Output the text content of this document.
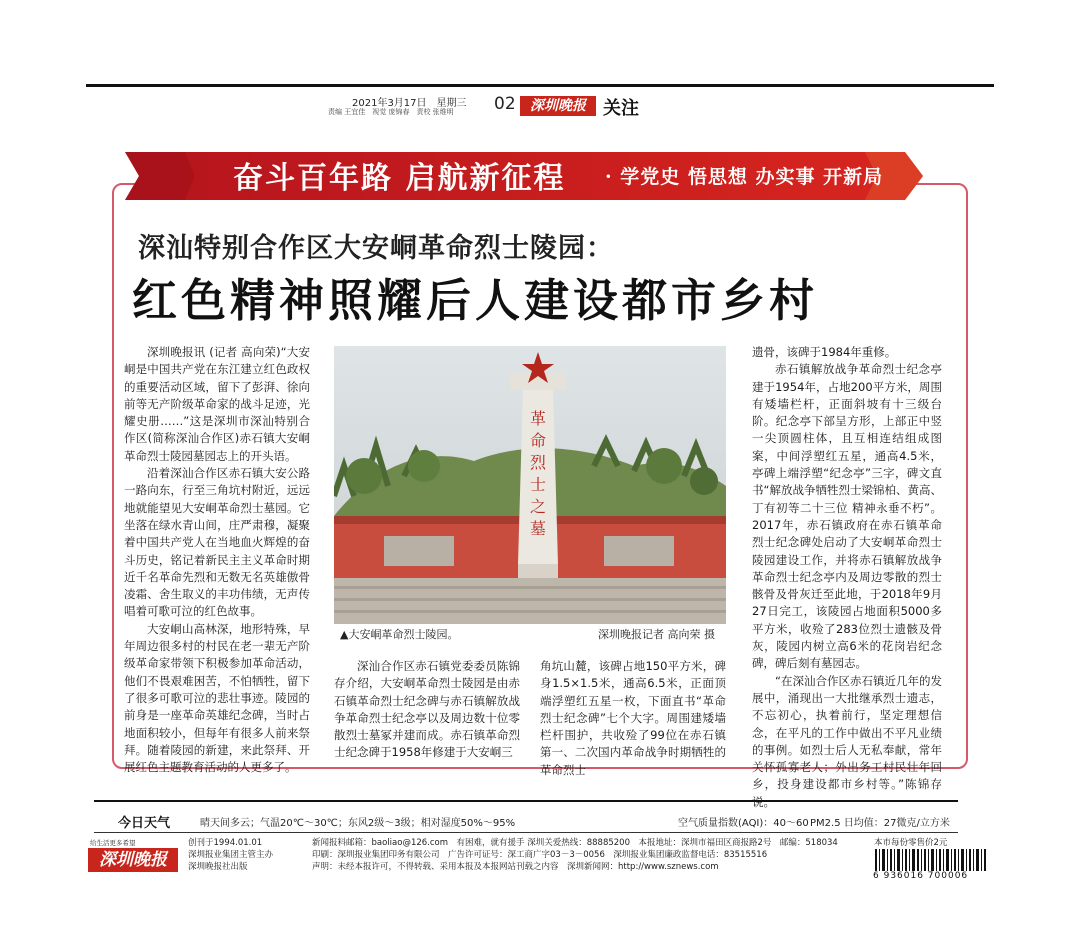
2021年3月17日　星期三
责编 王宜佳　视觉 庞锦春　责校 张维明 02	深圳晚报 关注
奋斗百年路 启航新征程 · 学党史 悟思想 办实事 开新局
深汕特别合作区大安峒革命烈士陵园：
红色精神照耀后人建设都市乡村

深圳晚报讯 (记者 高向荣)“大安峒是中国共产党在东江建立红色政权的重要活动区域，留下了彭湃、徐向前等无产阶级革命家的战斗足迹，光耀史册……”这是深圳市深汕特别合作区(简称深汕合作区)赤石镇大安峒革命烈士陵园墓园志上的开头语。

沿着深汕合作区赤石镇大安公路一路向东，行至三角坑村附近，远远地就能望见大安峒革命烈士墓园。它坐落在绿水青山间，庄严肃穆，凝聚着中国共产党人在当地血火辉煌的奋斗历史，铭记着新民主主义革命时期近千名革命先烈和无数无名英雄傲骨凌霜、舍生取义的丰功伟绩，无声传唱着可歌可泣的红色故事。

大安峒山高林深，地形特殊，早年周边很多村的村民在老一辈无产阶级革命家带领下积极参加革命活动，他们不畏艰难困苦，不怕牺牲，留下了很多可歌可泣的悲壮事迹。陵园的前身是一座革命英雄纪念碑，当时占地面积较小，但每年有很多人前来祭拜。随着陵园的新建，来此祭拜、开展红色主题教育活动的人更多了。

革
命
烈
士
之
墓
▲大安峒革命烈士陵园。	深圳晚报记者 高向荣 摄

深汕合作区赤石镇党委委员陈锦存介绍，大安峒革命烈士陵园是由赤石镇革命烈士纪念碑与赤石镇解放战争革命烈士纪念亭以及周边数十位零散烈士墓冢并建而成。赤石镇革命烈士纪念碑于1958年修建于大安峒三

角坑山麓，该碑占地150平方米，碑身1.5×1.5米，通高6.5米，正面顶端浮塑红五星一枚，下面直书“革命烈士纪念碑”七个大字。周围建矮墙栏杆围护，共收殓了99位在赤石镇第一、二次国内革命战争时期牺牲的革命烈士

遗骨，该碑于1984年重修。

赤石镇解放战争革命烈士纪念亭建于1954年，占地200平方米，周围有矮墙栏杆，正面斜坡有十三级台阶。纪念亭下部呈方形，上部正中竖一尖顶圆柱体，且互相连结组成图案，中间浮塑红五星，通高4.5米，亭碑上端浮塑“纪念亭”三字，碑文直书“解放战争牺牲烈士梁锦柏、黄高、丁有初等二十三位 精神永垂不朽”。2017年，赤石镇政府在赤石镇革命烈士纪念碑处启动了大安峒革命烈士陵园建设工作，并将赤石镇解放战争革命烈士纪念亭内及周边零散的烈士骸骨及骨灰迁至此地，于2018年9月27日完工，该陵园占地面积5000多平方米，收殓了283位烈士遗骸及骨灰，陵园内树立高6米的花岗岩纪念碑，碑后刻有墓园志。

“在深汕合作区赤石镇近几年的发展中，涌现出一大批继承烈士遗志，不忘初心，执着前行，坚定理想信念，在平凡的工作中做出不平凡业绩的事例。如烈士后人无私奉献，常年关怀孤寡老人；外出务工村民壮年回乡，投身建设都市乡村等。”陈锦存

今日天气	晴天间多云；气温20℃～30℃；东风2级～3级；相对湿度50%～95%	空气质量指数(AQI)：40～60 PM2.5 日均值：27微克/立方米
给生活更多希望
深圳晚报
创刊于1994.01.01
深圳报业集团主管主办
深圳晚报社出版
新闻报料邮箱：baoliao@126.com　有困难，就有援手 深圳关爱热线：88885200　本报地址：深圳市福田区商报路2号　邮编：518034
印刷：深圳报业集团印务有限公司　广告许可证号：深工商广字03－3－0056　深圳报业集团廉政监督电话：83515516
声明：未经本报许可，不得转载、采用本报及本报网站刊载之内容　深圳新闻网：http://www.sznews.com
本市每份零售价2元
6 936016 700006
